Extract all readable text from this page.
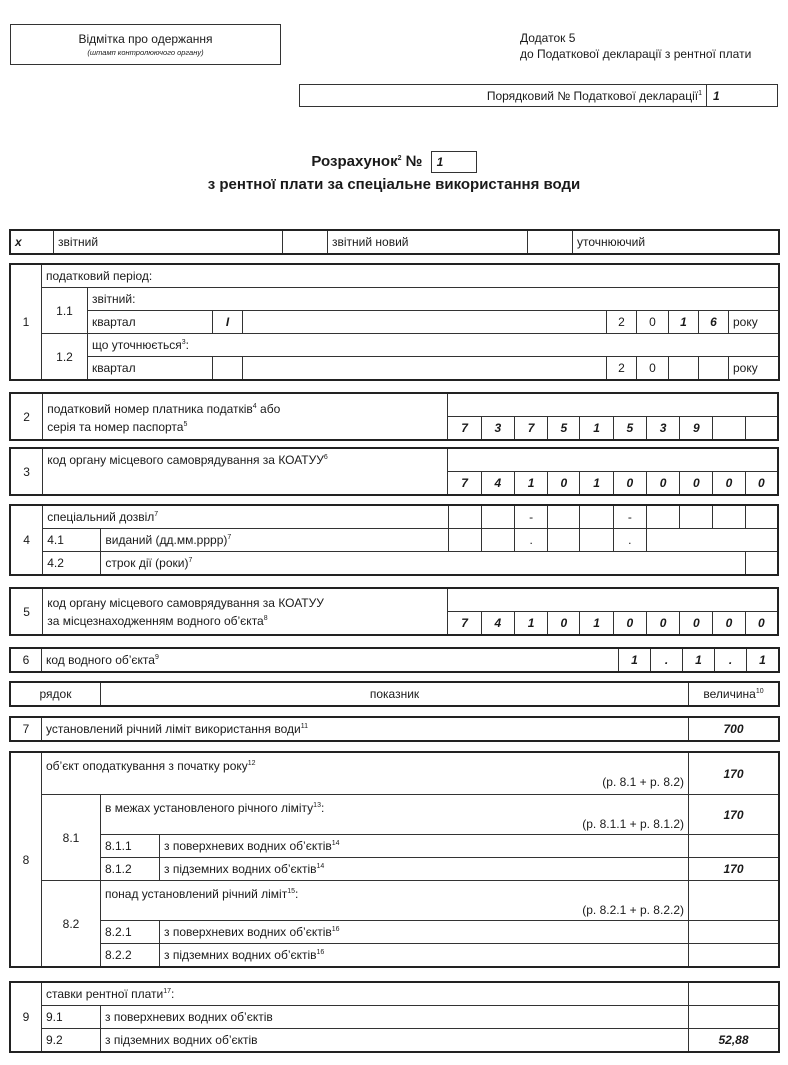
Відмітка про одержання
(штамп контролюючого органу)
Додаток 5
до Податкової декларації з рентної плати
Порядковий № Податкової декларації$^1$ 1
Розрахунок$^2$ № 1
з рентної плати за спеціальне використання води
x	звітний		звітний новий		уточнюючий
1	податковий період:								
	1.1	звітний:							
		квартал	I		2	0	1	6	року
	1.2	що уточнюється$^3$:							
		квартал			2	0			року
2	податковий номер платника податків$^4$ або
серія та номер паспорта$^5$	
		7	3	7	5	1	5	3	9		
3	код органу місцевого самоврядування за КОАТУУ$^6$	
		7	4	1	0	1	0	0	0	0	0
4	спеціальний дозвіл$^7$				-			-				
	4.1	виданий (дд.мм.рррр)$^7$			.			.				
	4.2	строк дії (роки)$^7$	
5	код органу місцевого самоврядування за КОАТУУ
за місцезнаходженням водного об’єкта$^8$	
		7	4	1	0	1	0	0	0	0	0
6	код водного об’єкта$^9$	1	.	1	.	1
рядок	показник	величина$^{10}$
7	установлений річний ліміт використання води$^{11}$	700
8	об’єкт оподаткування з початку року$^{12}$
(р. 8.1 + р. 8.2)			170
	8.1	в межах установленого річного ліміту$^{13}$:
(р. 8.1.1 + р. 8.1.2)		170
		8.1.1	з поверхневих водних об’єктів$^{14}$	
		8.1.2	з підземних водних об’єктів$^{14}$	170
	8.2	понад установлений річний ліміт$^{15}$:
(р. 8.2.1 + р. 8.2.2)		

		8.2.1	з поверхневих водних об’єктів$^{16}$	
		8.2.2	з підземних водних об’єктів$^{16}$	
9	ставки рентної плати$^{17}$:		
	9.1	з поверхневих водних об’єктів	
	9.2	з підземних водних об’єктів	52,88
